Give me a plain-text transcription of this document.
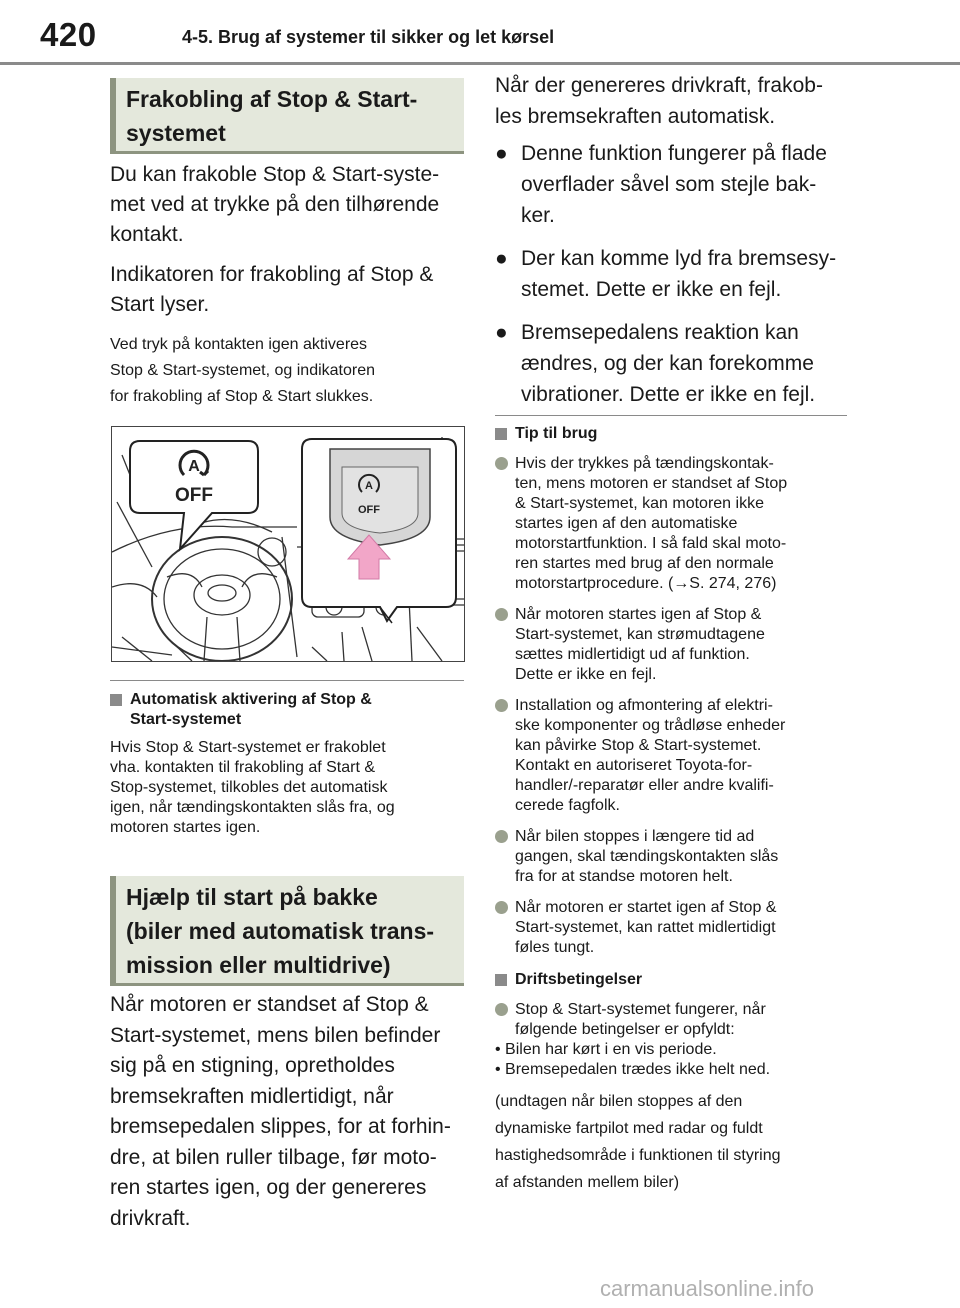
420	4-5. Brug af systemer til sikker og let kørsel
Frakobling af Stop & Start-
systemet

Du kan frakoble Stop & Start-syste-
met ved at trykke på den tilhørende
kontakt.

Indikatoren for frakobling af Stop &
Start lyser.

Ved tryk på kontakten igen aktiveres
Stop & Start-systemet, og indikatoren
for frakobling af Stop & Start slukkes.

A
OFF	A
OFF
Automatisk aktivering af Stop &
Start-systemet

Hvis Stop & Start-systemet er frakoblet
vha. kontakten til frakobling af Start &
Stop-systemet, tilkobles det automatisk
igen, når tændingskontakten slås fra, og
motoren startes igen.

Hjælp til start på bakke
(biler med automatisk trans-
mission eller multidrive)

Når motoren er standset af Stop &
Start-systemet, mens bilen befinder
sig på en stigning, opretholdes
bremsekraften midlertidigt, når
bremsepedalen slippes, for at forhin-
dre, at bilen ruller tilbage, før moto-
ren startes igen, og der genereres
drivkraft.

Når der genereres drivkraft, frakob-
les bremsekraften automatisk.

● Denne funktion fungerer på flade
overflader såvel som stejle bak-
ker.
● Der kan komme lyd fra bremsesy-
stemet. Dette er ikke en fejl.
● Bremsepedalens reaktion kan
ændres, og der kan forekomme
vibrationer. Dette er ikke en fejl.
Tip til brug
Hvis der trykkes på tændingskontak-
ten, mens motoren er standset af Stop
& Start-systemet, kan motoren ikke
startes igen af den automatiske
motorstartfunktion. I så fald skal moto-
ren startes med brug af den normale
motorstartprocedure. (→S. 274, 276)
Når motoren startes igen af Stop &
Start-systemet, kan strømudtagene
sættes midlertidigt ud af funktion.
Dette er ikke en fejl.
Installation og afmontering af elektri-
ske komponenter og trådløse enheder
kan påvirke Stop & Start-systemet.
Kontakt en autoriseret Toyota-for-
handler/-reparatør eller andre kvalifi-
cerede fagfolk.
Når bilen stoppes i længere tid ad
gangen, skal tændingskontakten slås
fra for at standse motoren helt.
Når motoren er startet igen af Stop &
Start-systemet, kan rattet midlertidigt
føles tungt.
Driftsbetingelser
Stop & Start-systemet fungerer, når
følgende betingelser er opfyldt:

• Bilen har kørt i en vis periode.
• Bremsepedalen trædes ikke helt ned.

(undtagen når bilen stoppes af den
dynamiske fartpilot med radar og fuldt
hastighedsområde i funktionen til styring
af afstanden mellem biler)

carmanualsonline.info
